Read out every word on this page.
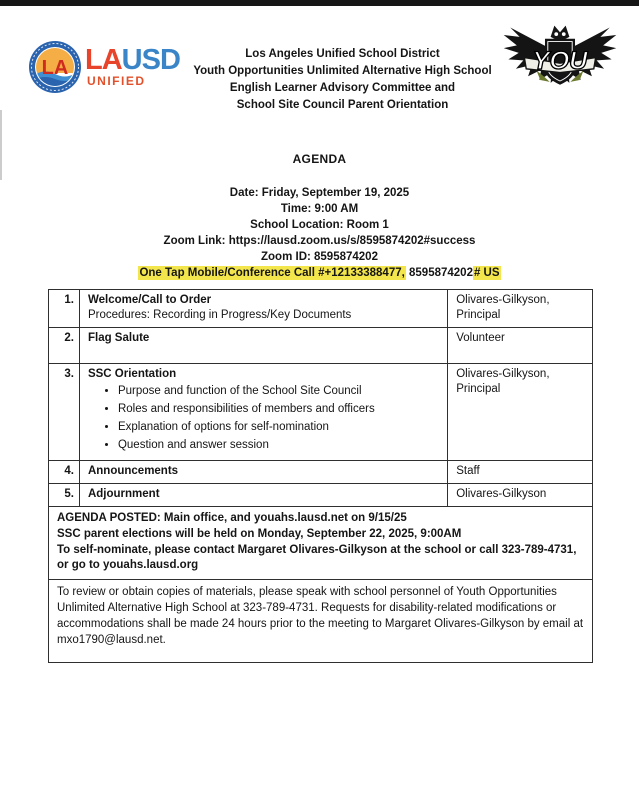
LA LAUSD
UNIFIED
Los Angeles Unified School District
Youth Opportunities Unlimited Alternative High School
English Learner Advisory Committee and
School Site Council Parent Orientation
YOU
AGENDA
Date: Friday, September 19, 2025
Time: 9:00 AM
School Location: Room 1
Zoom Link: https://lausd.zoom.us/s/8595874202#success
Zoom ID: 8595874202
One Tap Mobile/Conference Call #+12133388477, 8595874202# US
1.	Welcome/Call to Order
Procedures: Recording in Progress/Key Documents	Olivares-Gilkyson, Principal
2.	Flag Salute	Volunteer
3.	SSC Orientation
• Purpose and function of the School Site Council
• Roles and responsibilities of members and officers
• Explanation of options for self-nomination
• Question and answer session
	Olivares-Gilkyson, Principal
4.	Announcements	Staff
5.	Adjournment	Olivares-Gilkyson

AGENDA POSTED: Main office, and youahs.lausd.net on 9/15/25
SSC parent elections will be held on Monday, September 22, 2025, 9:00AM
To self-nominate, please contact Margaret Olivares-Gilkyson at the school or call 323-789-4731, or go to youahs.lausd.org		

To review or obtain copies of materials, please speak with school personnel of Youth Opportunities Unlimited Alternative High School at 323-789-4731. Requests for disability-related modifications or accommodations shall be made 24 hours prior to the meeting to Margaret Olivares-Gilkyson by email at mxo1790@lausd.net.		
